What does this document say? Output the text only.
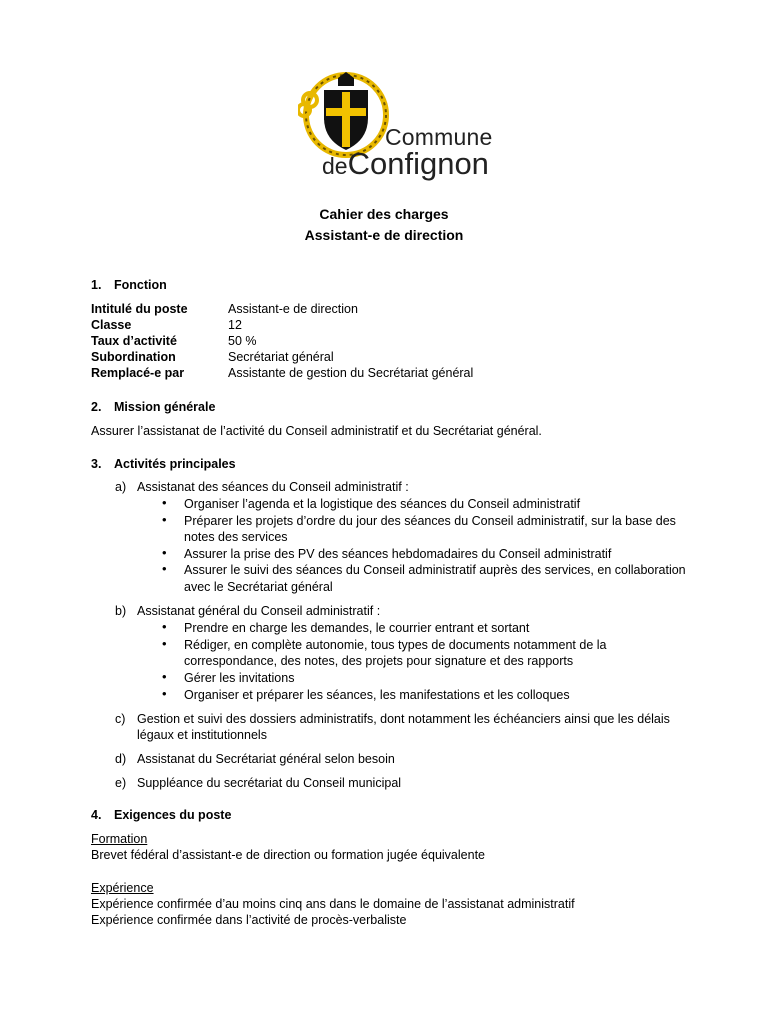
Commune
deConfignon
Cahier des charges
Assistant-e de direction
1. Fonction
Intitulé du poste	Assistant-e de direction
Classe	12
Taux d’activité	50 %
Subordination	Secrétariat général
Remplacé-e par	Assistante de gestion du Secrétariat général
2. Mission générale
Assurer l’assistanat de l’activité du Conseil administratif et du Secrétariat général.
3. Activités principales
a) Assistanat des séances du Conseil administratif :
• Organiser l’agenda et la logistique des séances du Conseil administratif
• Préparer les projets d’ordre du jour des séances du Conseil administratif, sur la base des
notes des services
• Assurer la prise des PV des séances hebdomadaires du Conseil administratif
• Assurer le suivi des séances du Conseil administratif auprès des services, en collaboration
avec le Secrétariat général
b) Assistanat général du Conseil administratif :
• Prendre en charge les demandes, le courrier entrant et sortant
• Rédiger, en complète autonomie, tous types de documents notamment de la
correspondance, des notes, des projets pour signature et des rapports
• Gérer les invitations
• Organiser et préparer les séances, les manifestations et les colloques
c) Gestion et suivi des dossiers administratifs, dont notamment les échéanciers ainsi que les délais
légaux et institutionnels
d) Assistanat du Secrétariat général selon besoin
e) Suppléance du secrétariat du Conseil municipal
4. Exigences du poste
Formation
Brevet fédéral d’assistant-e de direction ou formation jugée équivalente
Expérience
Expérience confirmée d’au moins cinq ans dans le domaine de l’assistanat administratif
Expérience confirmée dans l’activité de procès-verbaliste
